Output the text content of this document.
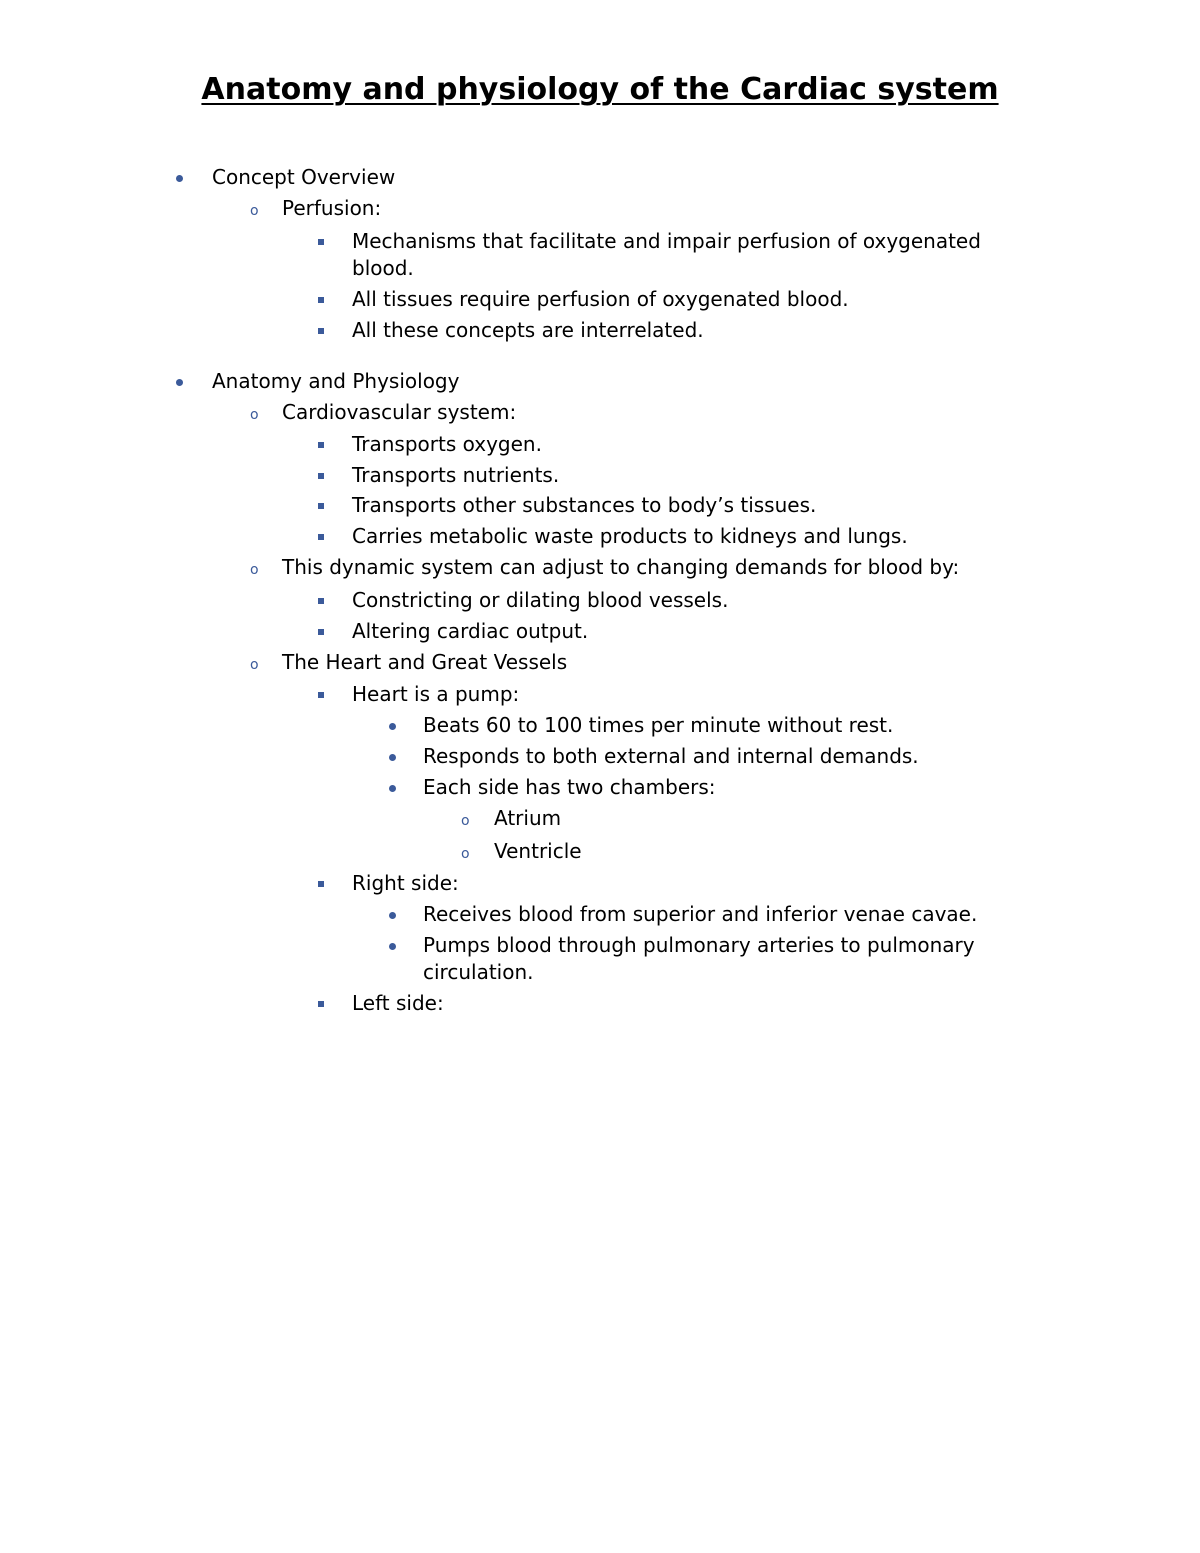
Anatomy and physiology of the Cardiac system
Concept Overview
o Perfusion:
Mechanisms that facilitate and impair perfusion of oxygenated
blood.
All tissues require perfusion of oxygenated blood.
All these concepts are interrelated.
Anatomy and Physiology
o Cardiovascular system:
Transports oxygen.
Transports nutrients.
Transports other substances to body’s tissues.
Carries metabolic waste products to kidneys and lungs.
o This dynamic system can adjust to changing demands for blood by:
Constricting or dilating blood vessels.
Altering cardiac output.
o The Heart and Great Vessels
Heart is a pump:
Beats 60 to 100 times per minute without rest.
Responds to both external and internal demands.
Each side has two chambers:
o Atrium
o Ventricle
Right side:
Receives blood from superior and inferior venae cavae.
Pumps blood through pulmonary arteries to pulmonary
circulation.
Left side:
